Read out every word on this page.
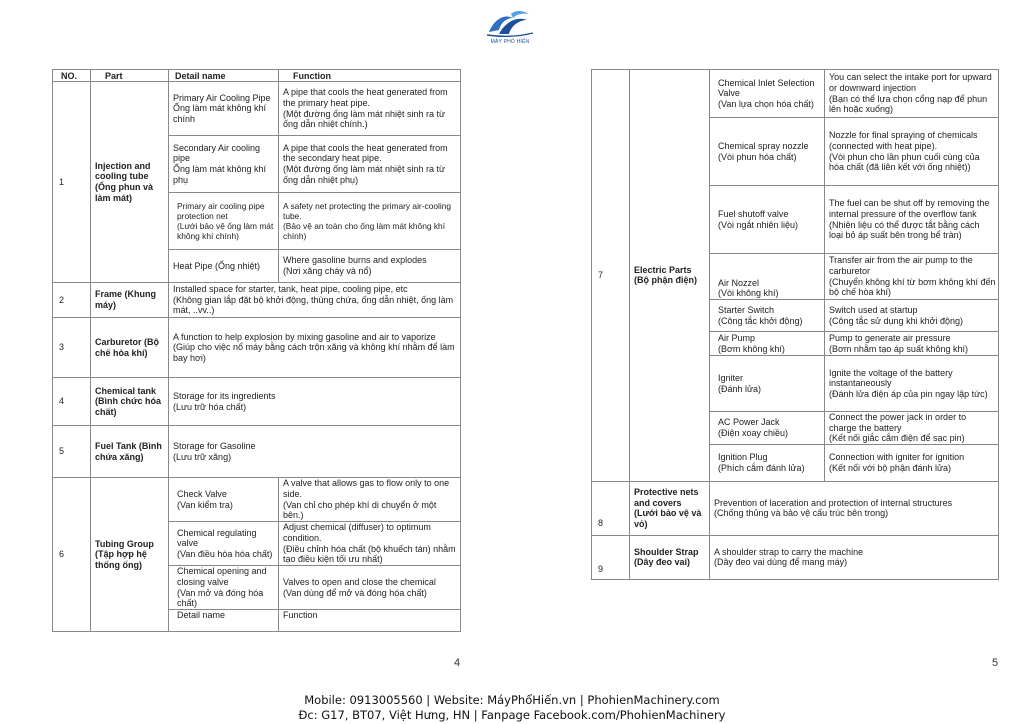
MÁY PHỔ HIẾN
NO.	Part	Detail name	Function
1	Injection and cooling tube (Ống phun và làm mát)	Primary Air Cooling Pipe
Ống làm mát không khí chính	A pipe that cools the heat generated from the primary heat pipe.
(Một đường ống làm mát nhiệt sinh ra từ ống dẫn nhiệt chính.)
		Secondary Air cooling pipe
Ống làm mát không khí phụ	A pipe that cools the heat generated from the secondary heat pipe.
(Một đường ống làm mát nhiệt sinh ra từ ống dẫn nhiệt phụ)
		Primary air cooling pipe protection net
(Lưới bảo vệ ống làm mát không khí chính)	A safety net protecting the primary air-cooling tube.
(Bảo vệ an toàn cho ống làm mát không khí chính)
		Heat Pipe (Ống nhiệt)	Where gasoline burns and explodes
(Nơi xăng cháy và nổ)
2	Frame (Khung máy)	Installed space for starter, tank, heat pipe, cooling pipe, etc
(Không gian lắp đặt bộ khởi động, thùng chứa, ống dẫn nhiệt, ống làm mát, ..vv..)	
3	Carburetor (Bộ chế hòa khí)	A function to help explosion by mixing gasoline and air to vaporize
(Giúp cho việc nổ máy bằng cách trộn xăng và không khí nhằm để làm bay hơi)	
4	Chemical tank (Bình chức hóa chất)	Storage for its ingredients
(Lưu trữ hóa chất)	
5	Fuel Tank (Bình chứa xăng)	Storage for Gasoline
(Lưu trữ xăng)	
6	Tubing Group (Tập hợp hệ thống ống)	Check Valve
(Van kiểm tra)	A valve that allows gas to flow only to one side.
(Van chỉ cho phép khí di chuyển ở một bên.)
		Chemical regulating valve
(Van điều hòa hóa chất)	Adjust chemical (diffuser) to optimum condition.
(Điều chỉnh hóa chất (bộ khuếch tán) nhằm tạo điều kiện tối ưu nhất)
		Chemical opening and closing valve
(Van mở và đóng hóa chất)	Valves to open and close the chemical
(Van dùng để mở và đóng hóa chất)
		Detail name	Function
7	Electric Parts (Bộ phận điện)	Chemical Inlet Selection Valve
(Van lựa chọn hóa chất)	You can select the intake port for upward or downward injection
(Bạn có thể lựa chọn cổng nạp để phun lên hoặc xuống)
		Chemical spray nozzle
(Vòi phun hóa chất)	Nozzle for final spraying of chemicals (connected with heat pipe).
(Vòi phun cho lần phun cuối cùng của hóa chất (đã liên kết với ống nhiệt))
		Fuel shutoff valve
(Vòi ngắt nhiên liệu)	The fuel can be shut off by removing the internal pressure of the overflow tank
(Nhiên liệu có thể được tắt bằng cách loại bỏ áp suất bên trong bể tràn)
		Air Nozzel
(Vòi không khí)	Transfer air from the air pump to the carburetor
(Chuyển không khí từ bơm không khí đến bộ chế hòa khí)
		Starter Switch
(Công tắc khởi động)	Switch used at startup
(Công tắc sử dụng khi khởi động)
		Air Pump
(Bơm không khí)	Pump to generate air pressure
(Bơm nhằm tạo áp suất không khí)
		Igniter
(Đánh lửa)	Ignite the voltage of the battery instantaneously
(Đánh lửa điện áp của pin ngay lập tức)
		AC Power Jack
(Điện xoay chiều)	Connect the power jack in order to charge the battery
(Kết nối giắc cắm điện để sạc pin)
		Ignition Plug
(Phích cắm đánh lửa)	Connection with igniter for ignition
(Kết nối với bộ phận đánh lửa)
8	Protective nets and covers (Lưới bảo vệ và vỏ)	Prevention of laceration and protection of internal structures
(Chống thủng và bảo vệ cấu trúc bên trong)	
9	Shoulder Strap (Dây đeo vai)	A shoulder strap to carry the machine
(Dây đeo vai dùng để mang máy)	
4	5
Mobile: 0913005560 | Website: MáyPhổHiến.vn | PhohienMachinery.com
Đc: G17, BT07, Việt Hưng, HN | Fanpage Facebook.com/PhohienMachinery
